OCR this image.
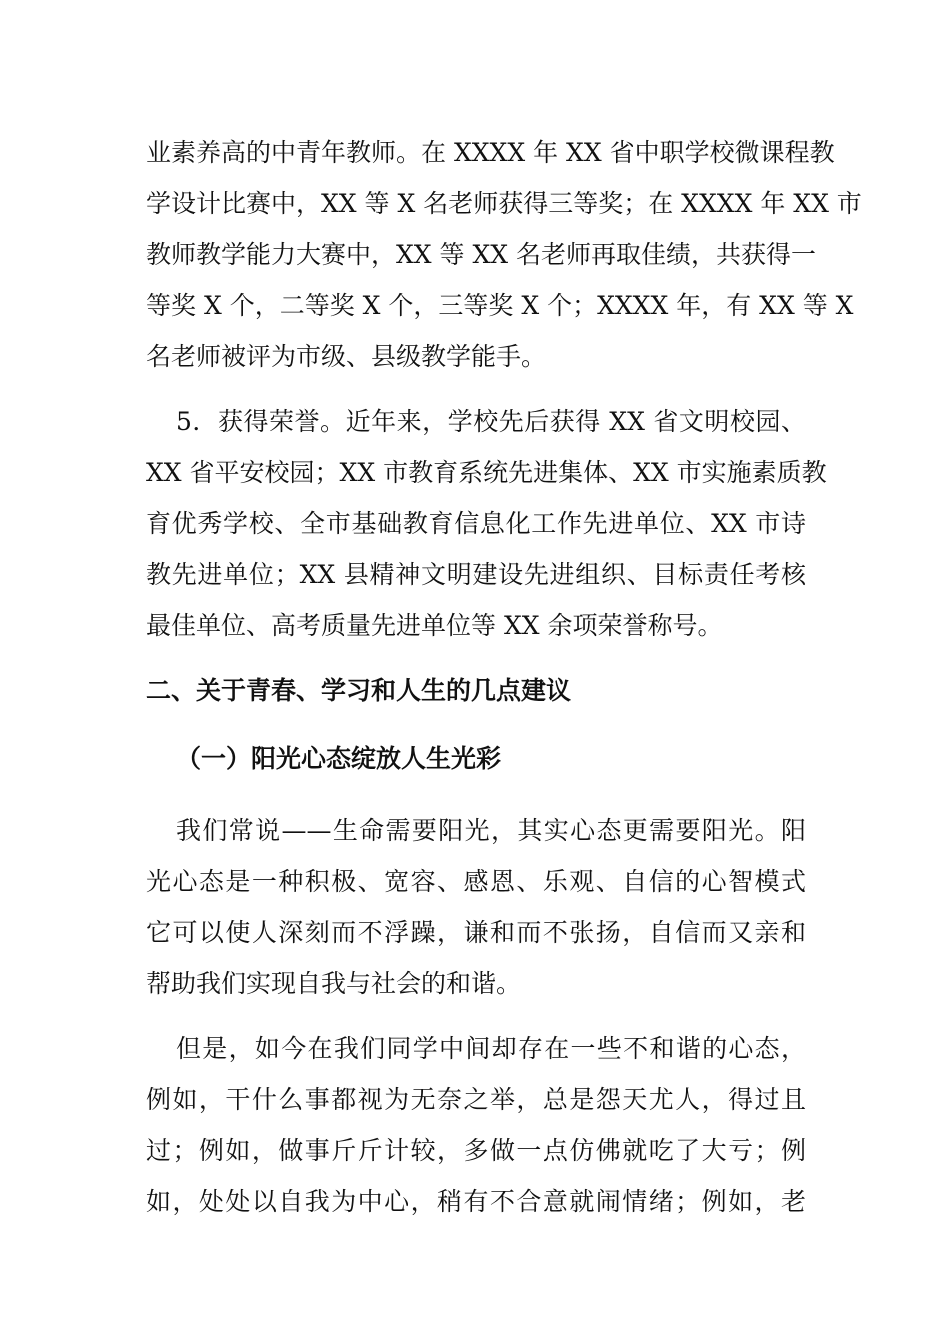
业素养高的中青年教师。在 XXXX 年 XX 省中职学校微课程教
学设计比赛中，XX 等 X 名老师获得三等奖；在 XXXX 年 XX 市
教师教学能力大赛中，XX 等 XX 名老师再取佳绩，共获得一
等奖 X 个，二等奖 X 个，三等奖 X 个；XXXX 年，有 XX 等 X
名老师被评为市级、县级教学能手。
5．获得荣誉。近年来，学校先后获得 XX 省文明校园、
XX 省平安校园；XX 市教育系统先进集体、XX 市实施素质教
育优秀学校、全市基础教育信息化工作先进单位、XX 市诗
教先进单位；XX 县精神文明建设先进组织、目标责任考核
最佳单位、高考质量先进单位等 XX 余项荣誉称号。
二、关于青春、学习和人生的几点建议
（一）阳光心态绽放人生光彩
我们常说——生命需要阳光，其实心态更需要阳光。阳
光心态是一种积极、宽容、感恩、乐观、自信的心智模式
它可以使人深刻而不浮躁，谦和而不张扬，自信而又亲和
帮助我们实现自我与社会的和谐。
但是，如今在我们同学中间却存在一些不和谐的心态，
例如，干什么事都视为无奈之举，总是怨天尤人，得过且
过；例如，做事斤斤计较，多做一点仿佛就吃了大亏；例
如，处处以自我为中心，稍有不合意就闹情绪；例如，老
